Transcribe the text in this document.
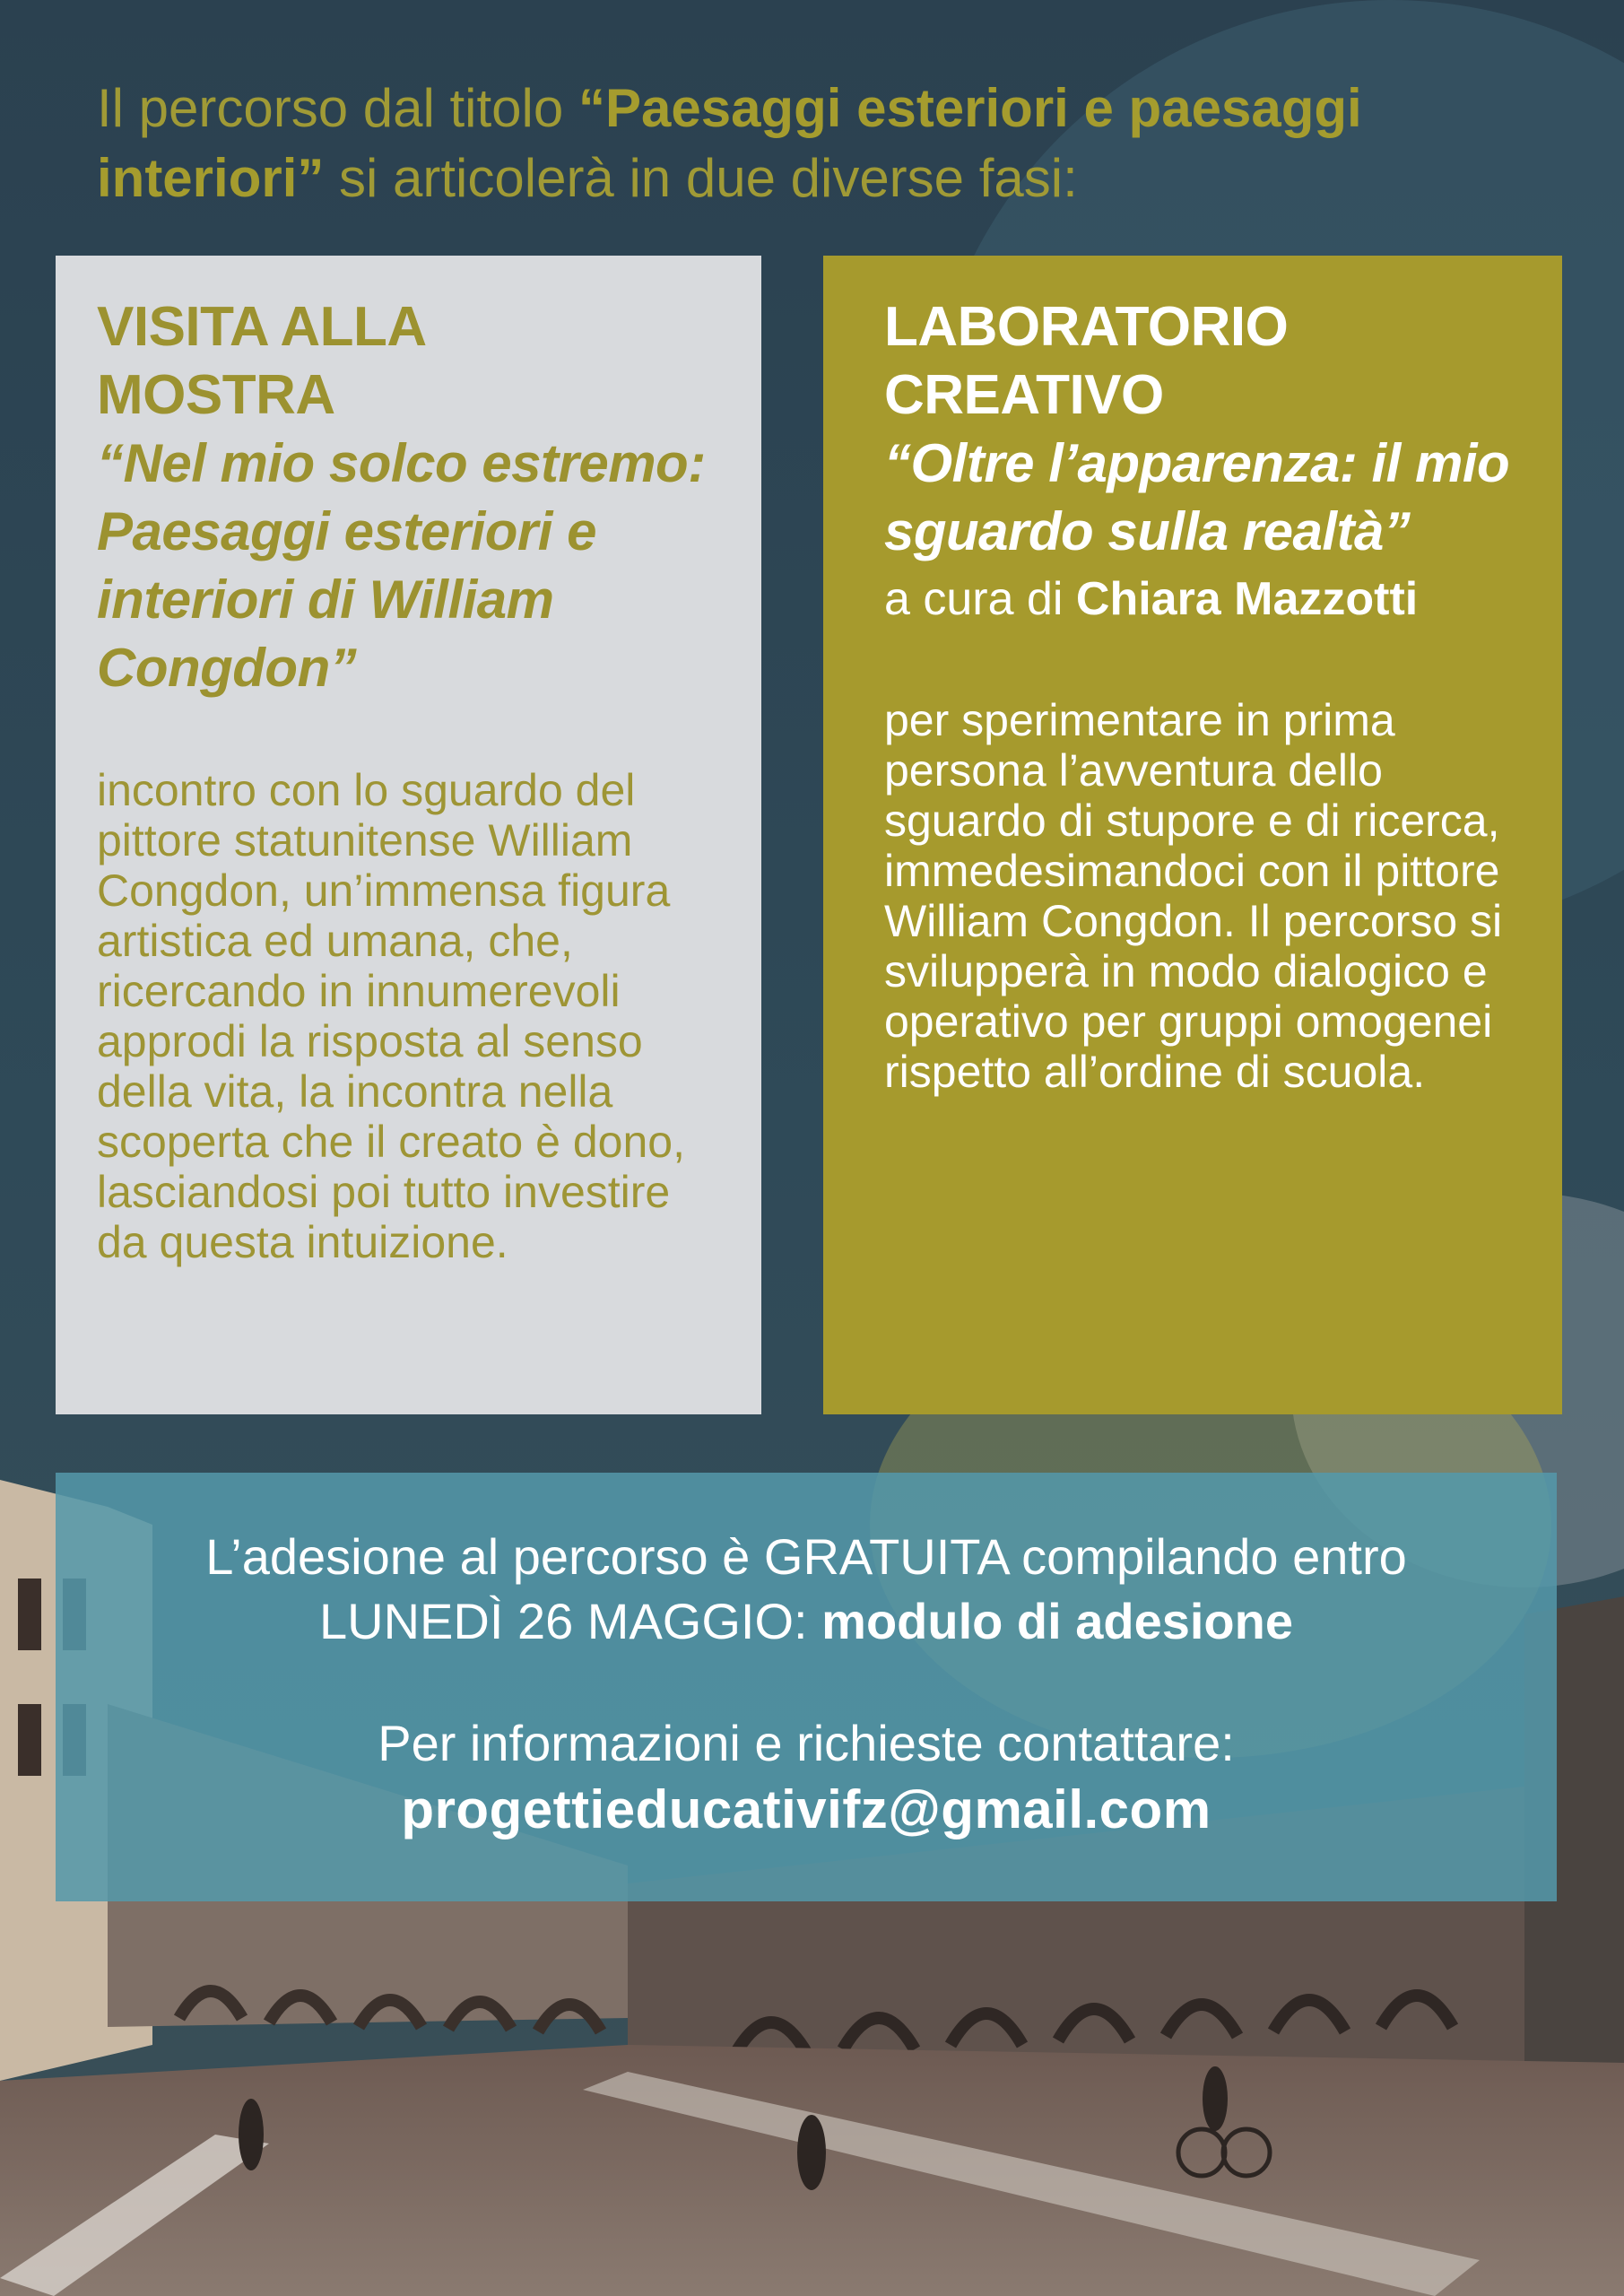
Il percorso dal titolo “Paesaggi esteriori e paesaggi interiori” si articolerà in due diverse fasi:

VISITA ALLA
MOSTRA
“Nel mio solco estremo: Paesaggi esteriori e interiori di William Congdon”

incontro con lo sguardo del pittore statunitense William Congdon, un’immensa figura artistica ed umana, che, ricercando in innumerevoli approdi la risposta al senso della vita, la incontra nella scoperta che il creato è dono, lasciandosi poi tutto investire da questa intuizione.

LABORATORIO
CREATIVO
“Oltre l’apparenza: il mio sguardo sulla realtà”

a cura di Chiara Mazzotti

per sperimentare in prima persona l’avventura dello sguardo di stupore e di ricerca, immedesimandoci con il pittore William Congdon. Il percorso si svilupperà in modo dialogico e operativo per gruppi omogenei rispetto all’ordine di scuola.

L’adesione al percorso è GRATUITA compilando entro

LUNEDÌ 26 MAGGIO: modulo di adesione

Per informazioni e richieste contattare:

progettieducativifz@gmail.com
